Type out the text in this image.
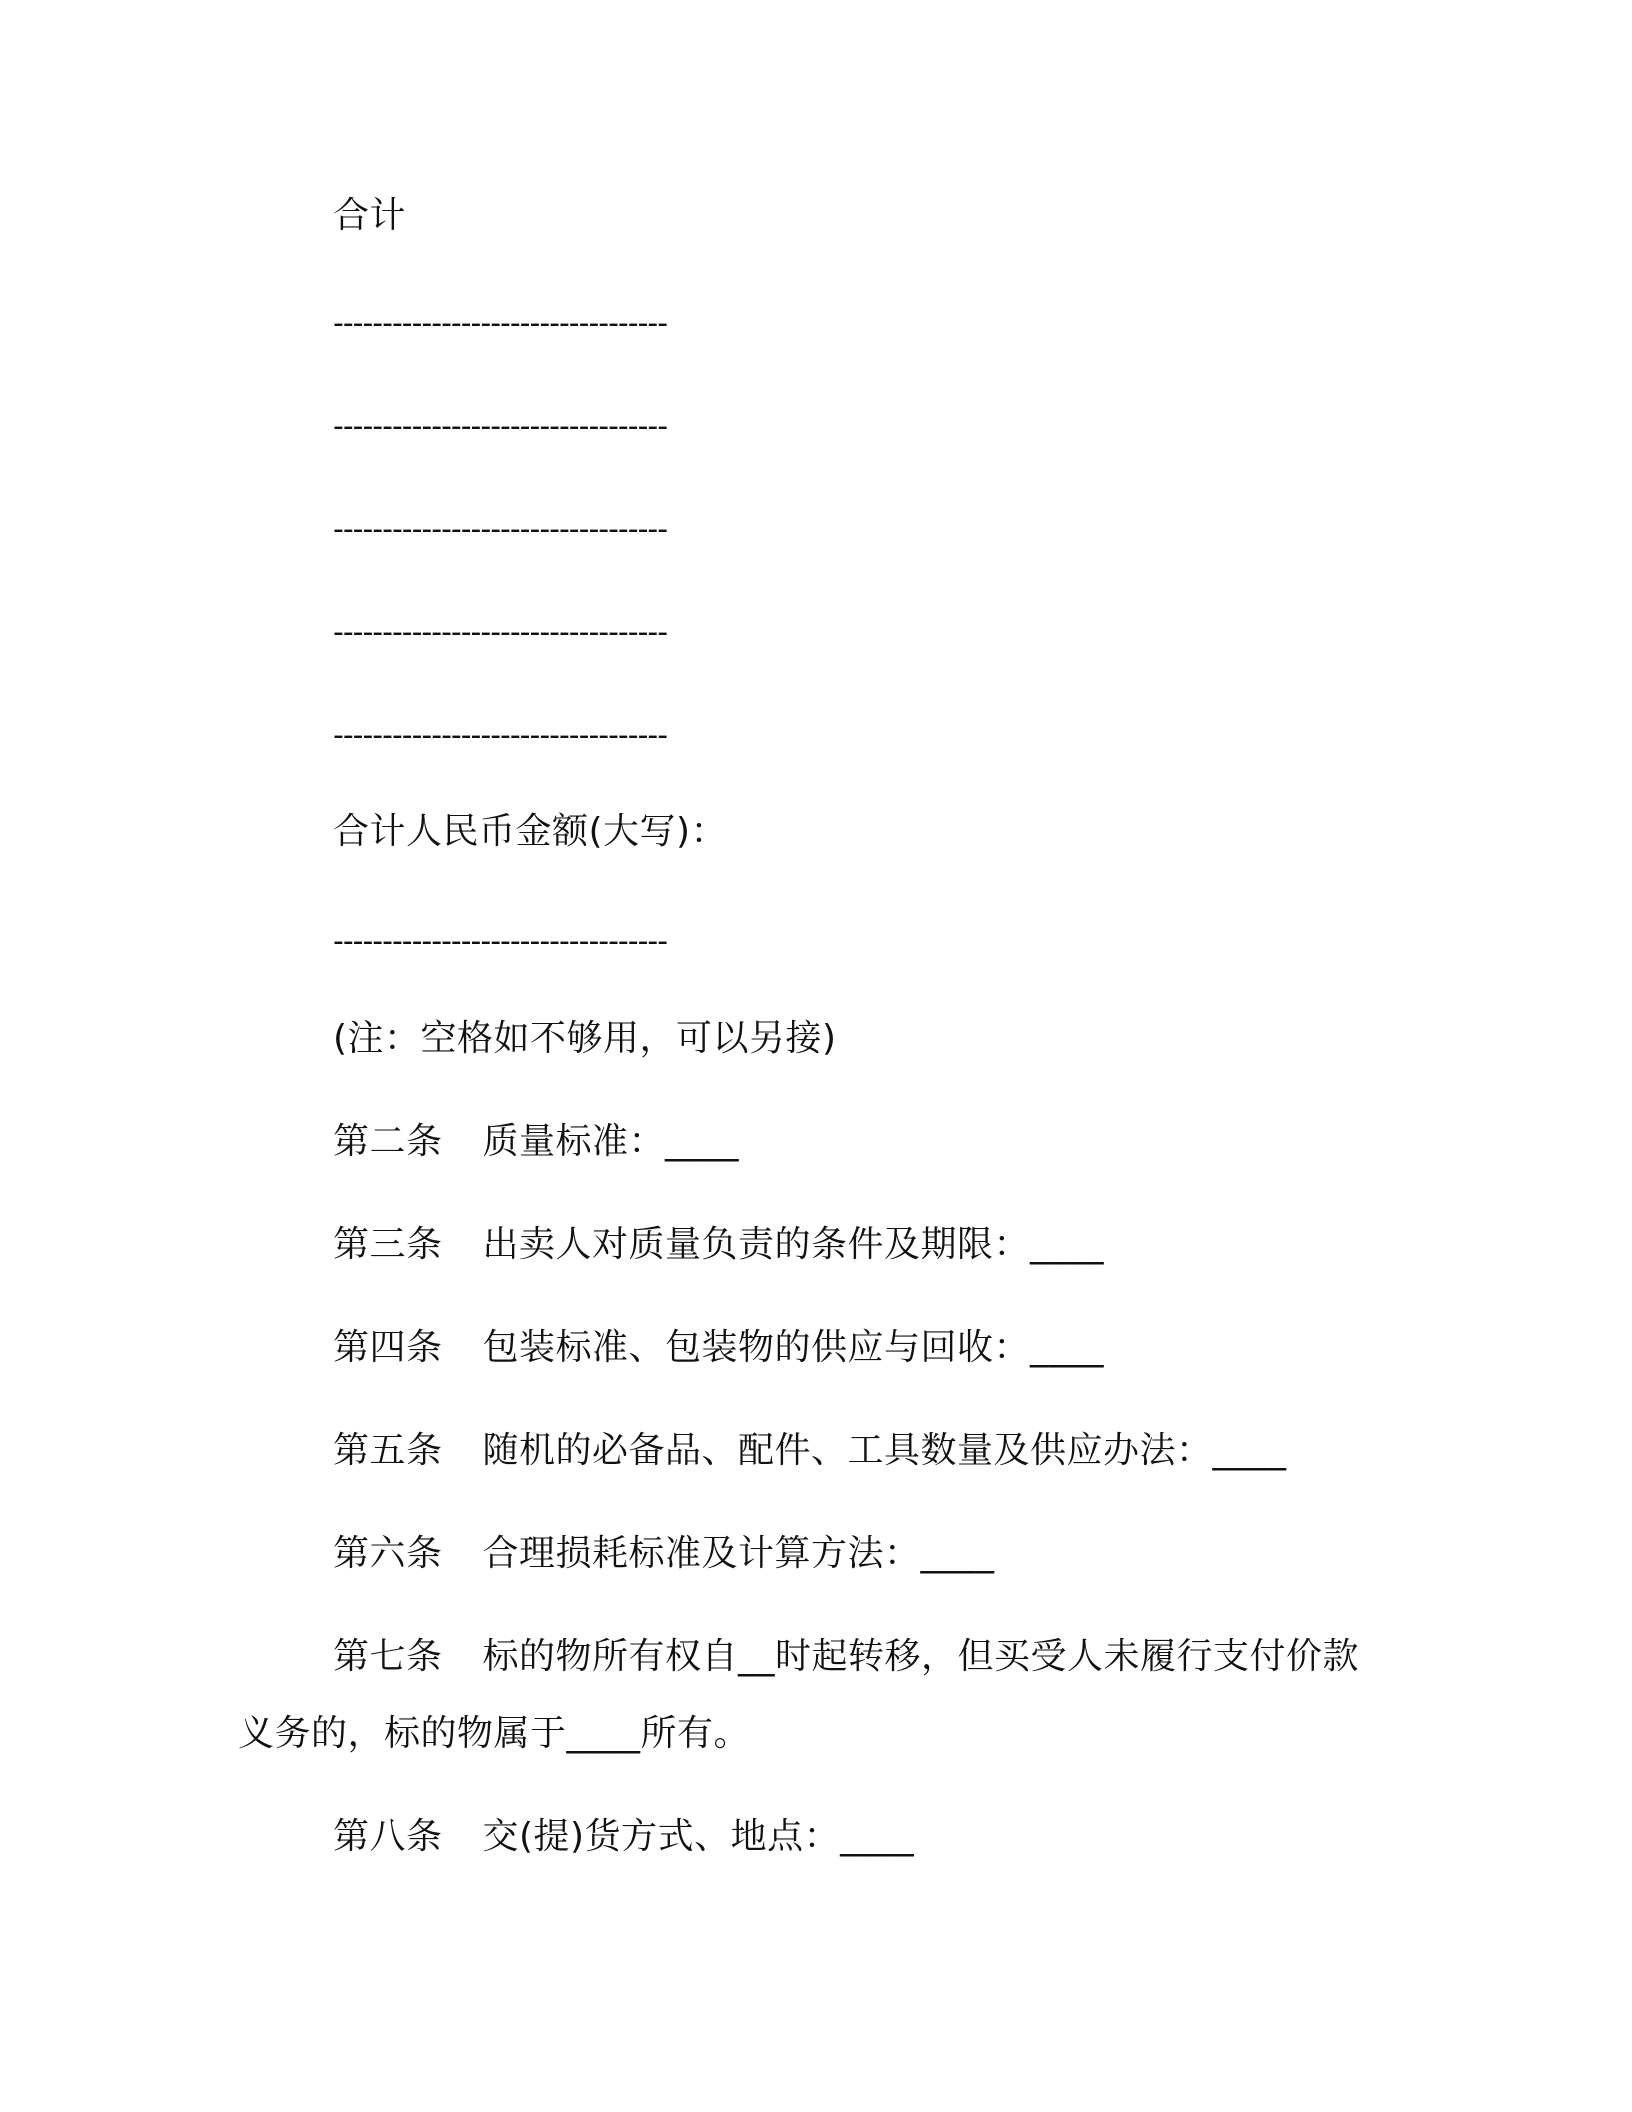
合计
----------------------------------
----------------------------------
----------------------------------
----------------------------------
----------------------------------
合计人民币金额(大写)：
----------------------------------
(注：空格如不够用，可以另接)
第二条 质量标准：____
第三条 出卖人对质量负责的条件及期限：____
第四条 包装标准、包装物的供应与回收：____
第五条 随机的必备品、配件、工具数量及供应办法：____
第六条 合理损耗标准及计算方法：____
第七条 标的物所有权自__时起转移，但买受人未履行支付价款
义务的，标的物属于____所有。
第八条 交(提)货方式、地点：____
